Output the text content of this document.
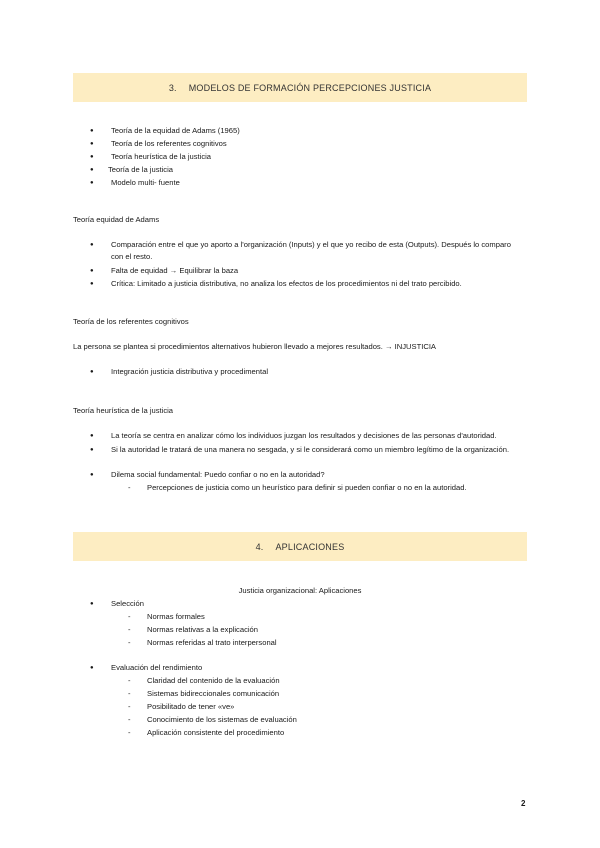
3. MODELOS DE FORMACIÓN PERCEPCIONES JUSTICIA
● Teoría de la equidad de Adams (1965)
● Teoría de los referentes cognitivos
● Teoría heurística de la justicia
● Teoría de la justicia
● Modelo multi- fuente
Teoría equidad de Adams
● Comparación entre el que yo aporto a l'organización (Inputs) y el que yo recibo de esta (Outputs). Después lo comparo con el resto.
● Falta de equidad → Equilibrar la baza
● Crítica: Limitado a justicia distributiva, no analiza los efectos de los procedimientos ni del trato percibido.
Teoría de los referentes cognitivos
La persona se plantea si procedimientos alternativos hubieron llevado a mejores resultados. → INJUSTICIA
● Integración justicia distributiva y procedimental
Teoría heurística de la justicia
● La teoría se centra en analizar cómo los individuos juzgan los resultados y decisiones de las personas d'autoridad.
● Si la autoridad le tratará de una manera no sesgada, y si le considerará como un miembro legítimo de la organización.
● Dilema social fundamental: Puedo confiar o no en la autoridad?
- Percepciones de justicia como un heurístico para definir si pueden confiar o no en la autoridad.
4. APLICACIONES
Justicia organizacional: Aplicaciones
● Selección
- Normas formales
- Normas relativas a la explicación
- Normas referidas al trato interpersonal
● Evaluación del rendimiento
- Claridad del contenido de la evaluación
- Sistemas bidireccionales comunicación
- Posibilitado de tener «ve»
- Conocimiento de los sistemas de evaluación
- Aplicación consistente del procedimiento
2
